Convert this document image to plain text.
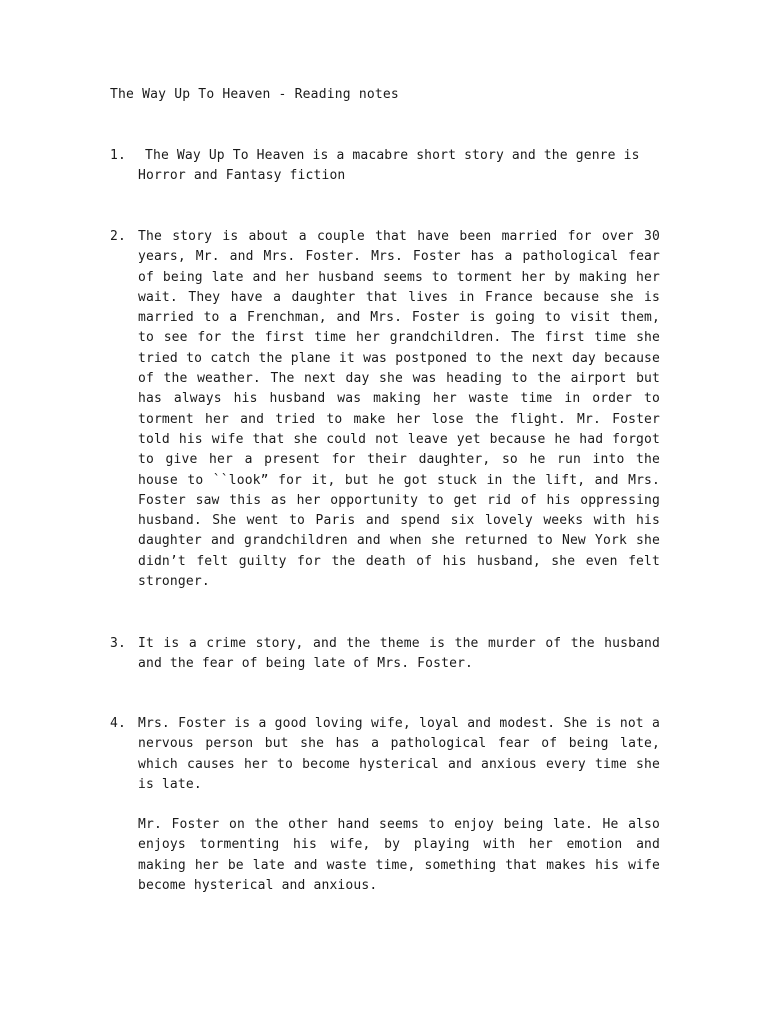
The Way Up To Heaven - Reading notes
1.	The Way Up To Heaven is a macabre short story and the genre is
Horror and Fantasy fiction
2. The story is about a couple that have been married for over 30 years, Mr. and Mrs. Foster. Mrs. Foster has a pathological fear of being late and her husband seems to torment her by making her wait. They have a daughter that lives in France because she is married to a Frenchman, and Mrs. Foster is going to visit them, to see for the first time her grandchildren. The first time she tried to catch the plane it was postponed to the next day because of the weather. The next day she was heading to the airport but has always his husband was making her waste time in order to torment her and tried to make her lose the flight. Mr. Foster told his wife that she could not leave yet because he had forgot to give her a present for their daughter, so he run into the house to ``look” for it, but he got stuck in the lift, and Mrs. Foster saw this as her opportunity to get rid of his oppressing husband. She went to Paris and spend six lovely weeks with his daughter and grandchildren and when she returned to New York she didn’t felt guilty for the death of his husband, she even felt stronger.

3. It is a crime story, and the theme is the murder of the husband and the fear of being late of Mrs. Foster.

4. Mrs. Foster is a good loving wife, loyal and modest. She is not a nervous person but she has a pathological fear of being late, which causes her to become hysterical and anxious every time she is late.

Mr. Foster on the other hand seems to enjoy being late. He also enjoys tormenting his wife, by playing with her emotion and making her be late and waste time, something that makes his wife become hysterical and anxious.
